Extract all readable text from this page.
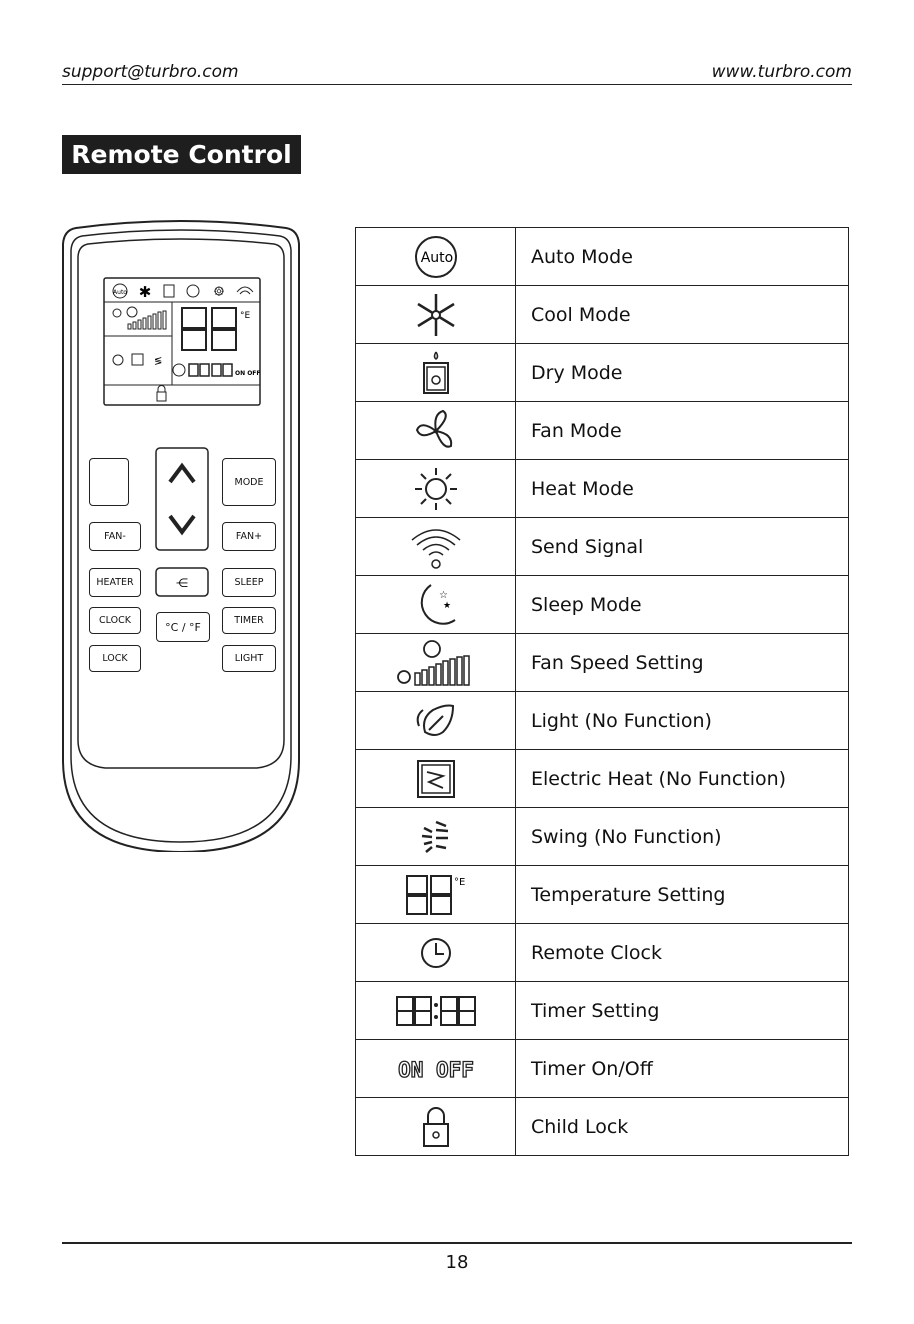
support@turbro.com	www.turbro.com
Remote Control
Auto ✱	☼
°E
≶
ON OFF
⋲
MODE
FAN-	FAN+
HEATER	SLEEP
CLOCK	°C / °F	TIMER
LOCK	LIGHT
Auto	Auto Mode

	Cool Mode

	Dry Mode

	Fan Mode

	Heat Mode

	Send Signal

☆
★	Sleep Mode

	Fan Speed Setting

	Light (No Function)

	Electric Heat (No Function)

	Swing (No Function)

°E	Temperature Setting

	Remote Clock

	Timer Setting

ON OFF	Timer On/Off

	Child Lock
18
